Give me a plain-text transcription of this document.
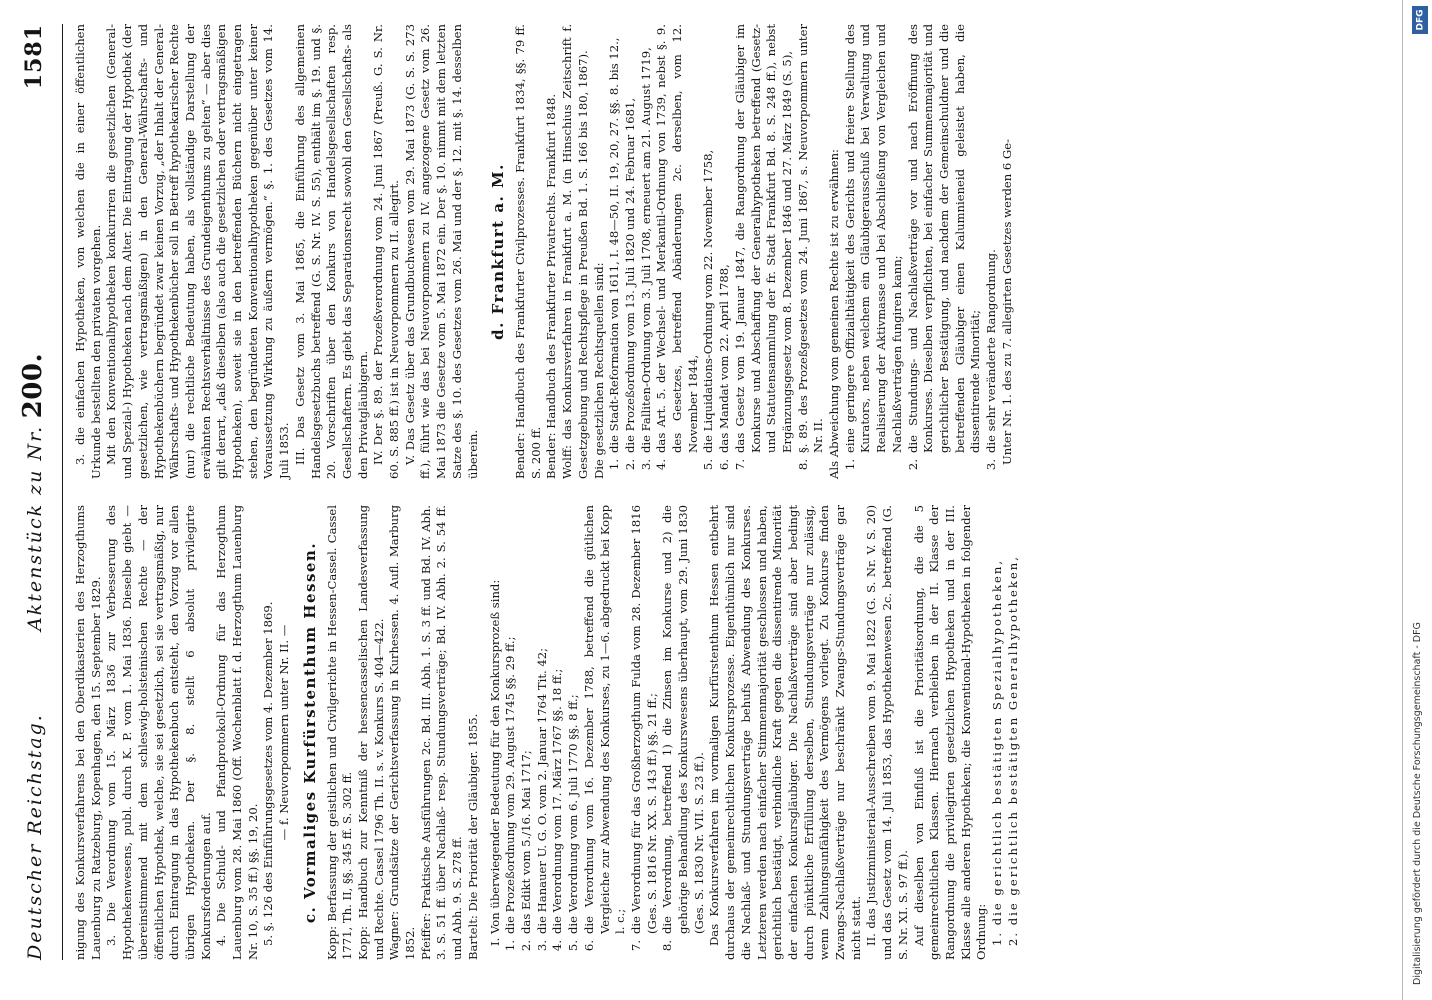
Deutscher Reichstag.
Aktenstück zu Nr. 200.
1581

nigung des Konkursverfahrens bei den Oberdikasterien des Herzogthums Lauenburg zu Ratzeburg, Kopenhagen, den 15. September 1829. 3. Die Verordnung vom 15. März 1836 zur Verbesserung des Hypothekenwesens, publ. durch K. P. vom 1. Mai 1836. Dieselbe giebt — übereinstimmend mit dem schleswig-holsteinischen Rechte — der öffentlichen Hypothek, welche, sie sei gesetzlich, sei sie vertragsmäßig, nur durch Eintragung in das Hypothekenbuch entsteht, den Vorzug vor allen übrigen Hypotheken. Der §. 8. stellt 6 absolut privilegirte Konkursforderungen auf. 4. Die Schuld- und Pfandprotokoll-Ordnung für das Herzogthum Lauenburg vom 28. Mai 1860 (Off. Wochenblatt f. d. Herzogthum Lauenburg Nr. 10, S. 35 ff.) §§. 19, 20. 5. §. 126 des Einführungsgesetzes vom 4. Dezember 1869. — f. Neuvorpommern unter Nr. II. — c. Vormaliges Kurfürstenthum Hessen. Kopp: Berfassung der geistlichen und Civilgerichte in Hessen-Cassel. Cassel 1771, Th. II, §§. 345 ff. S. 302 ff. Kopp: Handbuch zur Kenntniß der hessencasselischen Landesverfassung und Rechte. Cassel 1796 Th. II. s. v. Konkurs S. 404—422. Wagner: Grundsätze der Gerichtsverfassung in Kurhessen. 4. Aufl. Marburg 1852. Pfeiffer: Praktische Ausführungen 2c. Bd. III. Abh. 1. S. 3 ff. und Bd. IV. Abh. 3. S. 51 ff. über Nachlaß- resp. Stundungsverträge; Bd. IV. Abh. 2. S. 54 ff. und Abh. 9. S. 278 ff. Bartelt: Die Priorität der Gläubiger. 1855. I. Von überwiegender Bedeutung für den Konkursprozeß sind: 1.
die Prozeßordnung vom 29. August 1745 §§. 29 ff.;
2.
das Edikt vom 5./16. Mai 1717;
3.
die Hanauer U. G. O. vom 2. Januar 1764 Tit. 42;
4.
die Verordnung vom 17. März 1767 §§. 18 ff.;
5.
die Verordnung vom 6. Juli 1770 §§. 8 ff.;
6.
die Verordnung vom 16. Dezember 1788, betreffend die gütlichen Vergleiche zur Abwendung des Konkurses, zu 1—6. abgedruckt bei Kopp l. c.;
7.
die Verordnung für das Großherzogthum Fulda vom 28. Dezember 1816 (Ges. S. 1816 Nr. XX. S. 143 ff.) §§. 21 ff.;
8.
die Verordnung, betreffend 1) die Zinsen im Konkurse und 2) die gehörige Behandlung des Konkurswesens überhaupt, vom 29. Juni 1830 (Ges. S. 1830 Nr. VII. S. 23 ff.). Das Konkursverfahren im vormaligen Kurfürstenthum Hessen entbehrt durchaus der gemeinrechtlichen Konkursprozesse. Eigenthümlich nur sind die Nachlaß- und Stundungsverträge behufs Abwendung des Konkurses. Letzteren werden nach einfacher Stimmenmajorität geschlossen und haben, gerichtlich bestätigt, verbindliche Kraft gegen die dissentirende Minorität der einfachen Konkursgläubiger. Die Nachlaßverträge sind aber bedingt durch pünktliche Erfüllung derselben, Stundungsverträge nur zulässig, wenn Zahlungsunfähigkeit des Vermögens vorliegt. Zu Konkurse finden Zwangs-Nachlaßverträge nur beschränkt Zwangs-Stundungsverträge gar nicht statt. II. das Justizministerial-Ausschreiben vom 9. Mai 1822 (G. S. Nr. V. S. 20) und das Gesetz vom 14. Juli 1853, das Hypothekenwesen 2c. betreffend (G. S. Nr. XI. S. 97 ff.). Auf dieselben von Einfluß ist die Prioritätsordnung, die die 5 gemeinrechtlichen Klassen. Hiernach verbleiben in der II. Klasse der Rangordnung die privilegirten gesetzlichen Hypotheken und in der III. Klasse alle anderen Hypotheken; die Konventional-Hypotheken in folgender Ordnung: 1. die gerichtlich bestätigten Spezialhypotheken, 2. die gerichtlich bestätigten Generalhypotheken,

3. die einfachen Hypotheken, von welchen die in einer öffentlichen Urkunde bestellten den privaten vorgehen. Mit den Konventionalhypotheken konkurriren die gesetzlichen (General- und Spezial-) Hypotheken nach dem Alter. Die Eintragung der Hypothek (der gesetzlichen, wie vertragsmäßigen) in den General-Währschafts- und Hypothekenbüchern begründet zwar keinen Vorzug, „der Inhalt der General-Währschafts- und Hypothekenbücher soll in Betreff hypothekarischer Rechte (nur) die rechtliche Bedeutung haben, als vollständige Darstellung der erwähnten Rechtsverhältnisse des Grundeigenthums zu gelten“ — aber dies gilt derart, „daß dieselben (also auch die gesetzlichen oder vertragsmäßigen Hypotheken), soweit sie in den betreffenden Büchern nicht eingetragen stehen, den begründeten Konventionalhypotheken gegenüber unter keiner Voraussetzung Wirkung zu äußern vermögen.“ §. 1. des Gesetzes vom 14. Juli 1853. III. Das Gesetz vom 3. Mai 1865, die Einführung des allgemeinen Handelsgesetzbuchs betreffend (G. S. Nr. IV. S. 55), enthält im §. 19. und §. 20. Vorschriften über den Konkurs von Handelsgesellschaften resp. Gesellschaftern. Es giebt das Separationsrecht sowohl den Gesellschafts- als den Privatgläubigern. IV. Der §. 89. der Prozeßverordnung vom 24. Juni 1867 (Preuß. G. S. Nr. 60. S. 885 ff.) ist in Neuvorpommern zu II. allegirt. V. Das Gesetz über das Grundbuchwesen vom 29. Mai 1873 (G. S. S. 273 ff.), führt wie das bei Neuvorpommern zu IV. angezogene Gesetz vom 26. Mai 1873 die Gesetze vom 5. Mai 1872 ein. Der §. 10. nimmt mit dem letzten Satze des §. 10. des Gesetzes vom 26. Mai und der §. 12. mit §. 14. desselben überein.

d. Frankfurt a. M. Bender: Handbuch des Frankfurter Civilprozesses. Frankfurt 1834, §§. 79 ff. S. 200 ff. Bender: Handbuch des Frankfurter Privatrechts. Frankfurt 1848. Wolff: das Konkursverfahren in Frankfurt a. M. (in Hinschius Zeitschrift f. Gesetzgebung und Rechtspflege in Preußen Bd. 1. S. 166 bis 180, 1867). Die gesetzlichen Rechtsquellen sind: 1.
die Stadt-Reformation von 1611, I. 48—50, II. 19, 20, 27. §§. 8. bis 12.,
2.
die Prozeßordnung vom 13. Juli 1820 und 24. Februar 1681,
3.
die Falliten-Ordnung vom 3. Juli 1708, erneuert am 21. August 1719,
4.
das Art. 5. der Wechsel- und Merkantil-Ordnung von 1739, nebst §. 9. des Gesetzes, betreffend Abänderungen 2c. derselben, vom 12. November 1844,
5.
die Liquidations-Ordnung vom 22. November 1758,
6.
das Mandat vom 22. April 1788,
7.
das Gesetz vom 19. Januar 1847, die Rangordnung der Gläubiger im Konkurse und Abschaffung der Generalhypotheken betreffend (Gesetz- und Statutensammlung der fr. Stadt Frankfurt Bd. 8. S. 248 ff.), nebst Ergänzungsgesetz vom 8. Dezember 1846 und 27. März 1849 (S. 5),
8.
§. 89. des Prozeßgesetzes vom 24. Juni 1867, s. Neuvorpommern unter Nr. II. Als Abweichung vom gemeinen Rechte ist zu erwähnen: 1.
eine geringere Offizialthätigkeit des Gerichts und freiere Stellung des Kurators, neben welchem ein Gläubigerausschuß bei Verwaltung und Realisierung der Aktivmasse und bei Abschließung von Vergleichen und Nachlaßverträgen fungiren kann;
2.
die Stundungs- und Nachlaßverträge vor und nach Eröffnung des Konkurses. Dieselben verpflichten, bei einfacher Summenmajorität und gerichtlicher Bestätigung, und nachdem der Gemeinschuldner und die betreffenden Gläubiger einen Kalumnieneid geleistet haben, die dissentirende Minorität;
3.
die sehr veränderte Rangordnung. Unter Nr. 1. des zu 7. allegirten Gesetzes werden 6 Ge-

DFG
Digitalisierung gefördert durch die Deutsche Forschungsgemeinschaft - DFG
